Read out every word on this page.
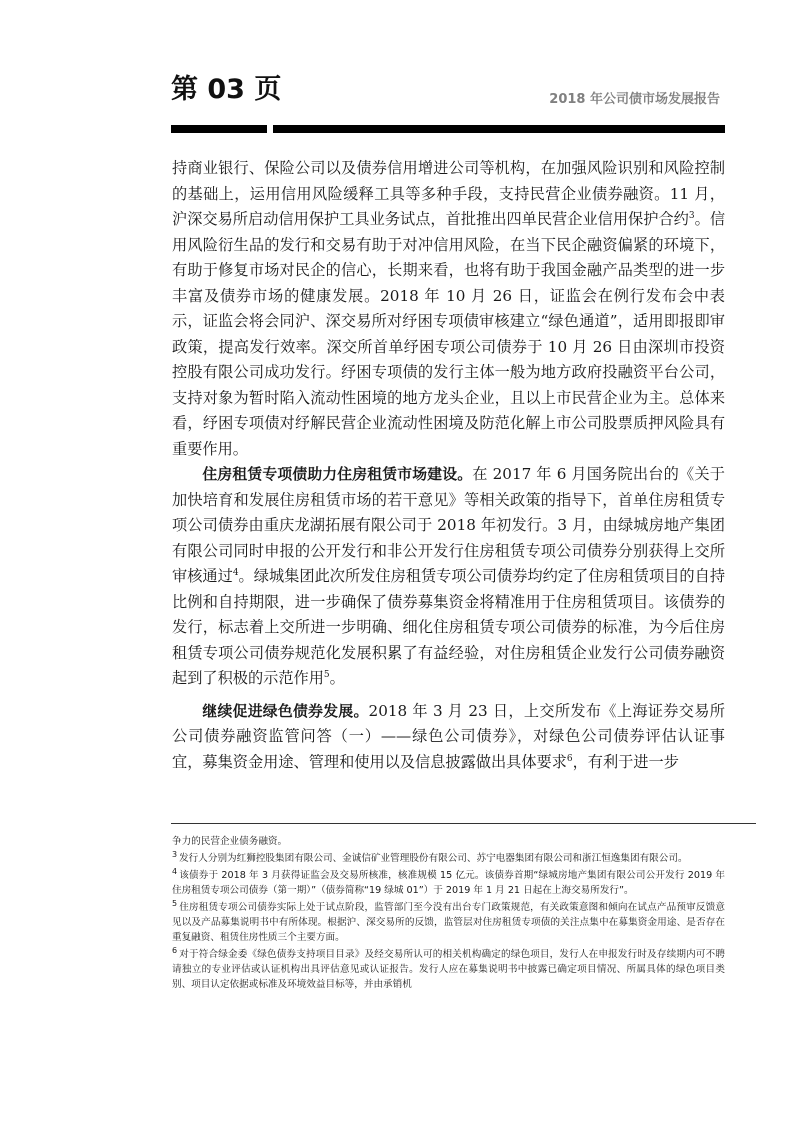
第 03 页	2018 年公司债市场发展报告

持商业银行、保险公司以及债券信用增进公司等机构，在加强风险识别和风险控制的基础上，运用信用风险缓释工具等多种手段，支持民营企业债券融资。11 月，沪深交易所启动信用保护工具业务试点，首批推出四单民营企业信用保护合约$^3$。信用风险衍生品的发行和交易有助于对冲信用风险，在当下民企融资偏紧的环境下，有助于修复市场对民企的信心，长期来看，也将有助于我国金融产品类型的进一步丰富及债券市场的健康发展。2018 年 10 月 26 日，证监会在例行发布会中表示，证监会将会同沪、深交易所对纾困专项债审核建立“绿色通道”，适用即报即审政策，提高发行效率。深交所首单纾困专项公司债券于 10 月 26 日由深圳市投资控股有限公司成功发行。纾困专项债的发行主体一般为地方政府投融资平台公司，支持对象为暂时陷入流动性困境的地方龙头企业，且以上市民营企业为主。总体来看，纾困专项债对纾解民营企业流动性困境及防范化解上市公司股票质押风险具有重要作用。

住房租赁专项债助力住房租赁市场建设。在 2017 年 6 月国务院出台的《关于加快培育和发展住房租赁市场的若干意见》等相关政策的指导下，首单住房租赁专项公司债券由重庆龙湖拓展有限公司于 2018 年初发行。3 月，由绿城房地产集团有限公司同时申报的公开发行和非公开发行住房租赁专项公司债券分别获得上交所审核通过$^4$。绿城集团此次所发住房租赁专项公司债券均约定了住房租赁项目的自持比例和自持期限，进一步确保了债券募集资金将精准用于住房租赁项目。该债券的发行，标志着上交所进一步明确、细化住房租赁专项公司债券的标准，为今后住房租赁专项公司债券规范化发展积累了有益经验，对住房租赁企业发行公司债券融资起到了积极的示范作用$^5$。

继续促进绿色债券发展。2018 年 3 月 23 日，上交所发布《上海证券交易所公司债券融资监管问答（一）——绿色公司债券》，对绿色公司债券评估认证事宜，募集资金用途、管理和使用以及信息披露做出具体要求$^6$，有利于进一步

争力的民营企业债务融资。

$^3$ 发行人分别为红狮控股集团有限公司、金诚信矿业管理股份有限公司、苏宁电器集团有限公司和浙江恒逸集团有限公司。

$^4$ 该债券于 2018 年 3 月获得证监会及交易所核准，核准规模 15 亿元。该债券首期“绿城房地产集团有限公司公开发行 2019 年住房租赁专项公司债券（第一期）”（债券简称“19 绿城 01”）于 2019 年 1 月 21 日起在上海交易所发行”。

$^5$ 住房租赁专项公司债券实际上处于试点阶段，监管部门至今没有出台专门政策规范，有关政策意图和倾向在试点产品预审反馈意见以及产品募集说明书中有所体现。根据沪、深交易所的反馈，监管层对住房租赁专项债的关注点集中在募集资金用途、是否存在重复融资、租赁住房性质三个主要方面。

$^6$ 对于符合绿金委《绿色债券支持项目目录》及经交易所认可的相关机构确定的绿色项目，发行人在申报发行时及存续期内可不聘请独立的专业评估或认证机构出具评估意见或认证报告。发行人应在募集说明书中披露已确定项目情况、所属具体的绿色项目类别、项目认定依据或标准及环境效益目标等，并由承销机
